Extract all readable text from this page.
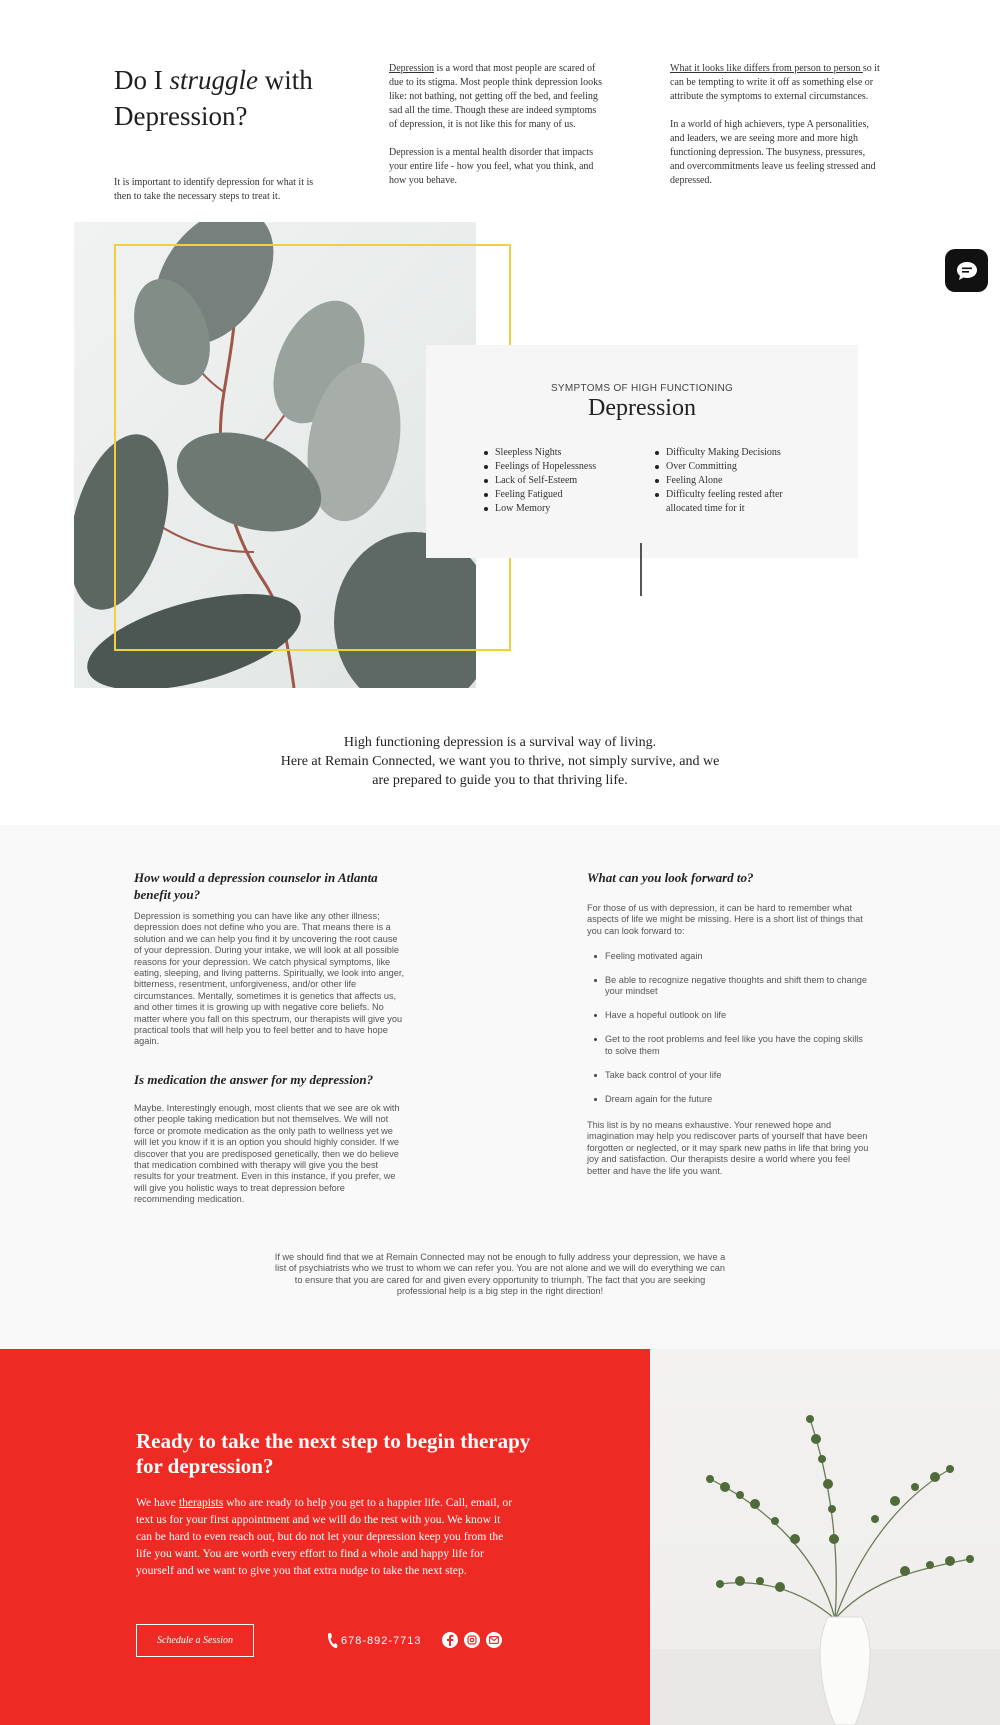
Do I struggle with Depression?

It is important to identify depression for what it is then to take the necessary steps to treat it.

Depression is a word that most people are scared of due to its stigma. Most people think depression looks like: not bathing, not getting off the bed, and feeling sad all the time. Though these are indeed symptoms of depression, it is not like this for many of us.

Depression is a mental health disorder that impacts your entire life - how you feel, what you think, and how you behave.

What it looks like differs from person to person so it can be tempting to write it off as something else or attribute the symptoms to external circumstances.

In a world of high achievers, type A personalities, and leaders, we are seeing more and more high functioning depression. The busyness, pressures, and overcommitments leave us feeling stressed and depressed.

SYMPTOMS OF HIGH FUNCTIONING
Depression
Sleepless Nights
Feelings of Hopelessness
Lack of Self-Esteem
Feeling Fatigued
Low Memory
Difficulty Making Decisions
Over Committing
Feeling Alone
Difficulty feeling rested after allocated time for it

High functioning depression is a survival way of living.

Here at Remain Connected, we want you to thrive, not simply survive, and we are prepared to guide you to that thriving life.

How would a depression counselor in Atlanta benefit you?

Depression is something you can have like any other illness; depression does not define who you are. That means there is a solution and we can help you find it by uncovering the root cause of your depression. During your intake, we will look at all possible reasons for your depression. We catch physical symptoms, like eating, sleeping, and living patterns. Spiritually, we look into anger, bitterness, resentment, unforgiveness, and/or other life circumstances. Mentally, sometimes it is genetics that affects us, and other times it is growing up with negative core beliefs. No matter where you fall on this spectrum, our therapists will give you practical tools that will help you to feel better and to have hope again.

Is medication the answer for my depression?

Maybe. Interestingly enough, most clients that we see are ok with other people taking medication but not themselves. We will not force or promote medication as the only path to wellness yet we will let you know if it is an option you should highly consider. If we discover that you are predisposed genetically, then we do believe that medication combined with therapy will give you the best results for your treatment. Even in this instance, if you prefer, we will give you holistic ways to treat depression before recommending medication.

What can you look forward to?

For those of us with depression, it can be hard to remember what aspects of life we might be missing. Here is a short list of things that you can look forward to:

Feeling motivated again
Be able to recognize negative thoughts and shift them to change your mindset
Have a hopeful outlook on life
Get to the root problems and feel like you have the coping skills to solve them
Take back control of your life
Dream again for the future

This list is by no means exhaustive. Your renewed hope and imagination may help you rediscover parts of yourself that have been forgotten or neglected, or it may spark new paths in life that bring you joy and satisfaction. Our therapists desire a world where you feel better and have the life you want.

If we should find that we at Remain Connected may not be enough to fully address your depression, we have a list of psychiatrists who we trust to whom we can refer you. You are not alone and we will do everything we can to ensure that you are cared for and given every opportunity to triumph. The fact that you are seeking professional help is a big step in the right direction!

Ready to take the next step to begin therapy for depression?

We have therapists who are ready to help you get to a happier life. Call, email, or text us for your first appointment and we will do the rest with you. We know it can be hard to even reach out, but do not let your depression keep you from the life you want. You are worth every effort to find a whole and happy life for yourself and we want to give you that extra nudge to take the next step.

Schedule a Session	678-892-7713
